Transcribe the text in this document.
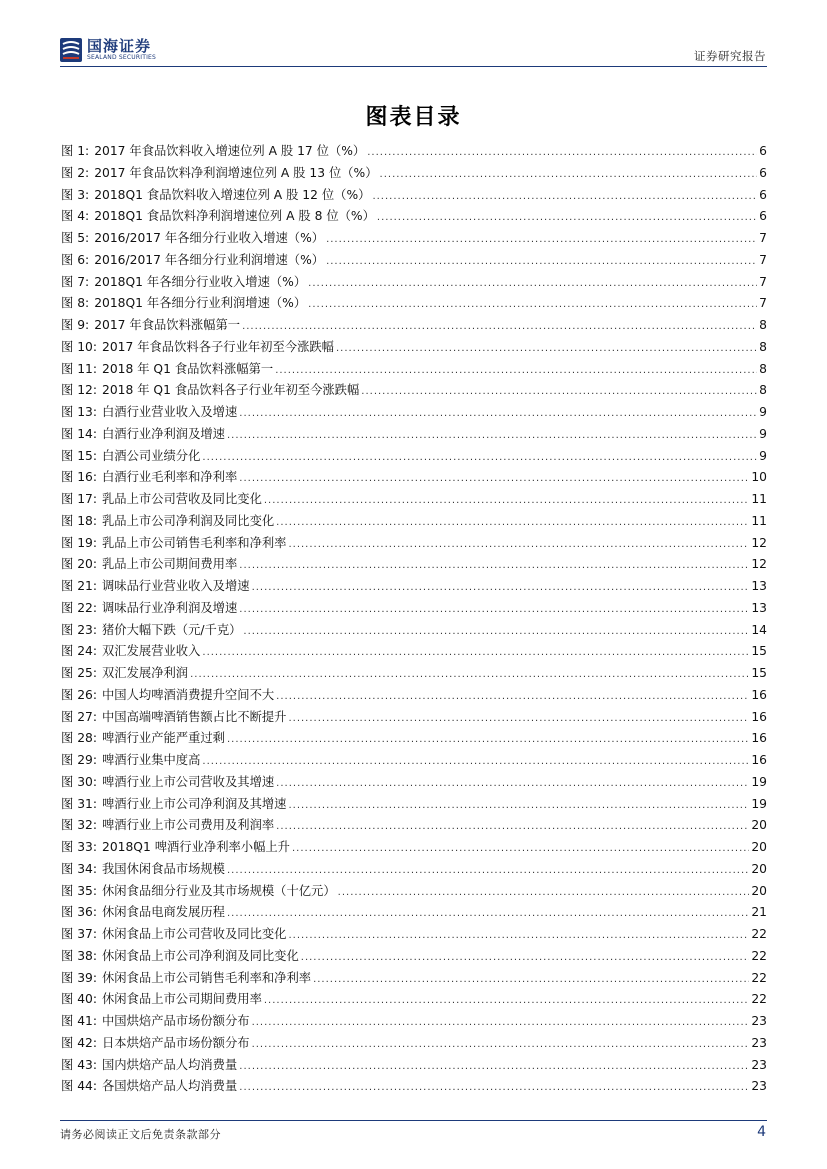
国海证券
SEALAND SECURITIES	证券研究报告
图表目录
图 1: 2017 年食品饮料收入增速位列 A 股 17 位（%） .....	6
图 2: 2017 年食品饮料净利润增速位列 A 股 13 位（%） .....	6
图 3: 2018Q1 食品饮料收入增速位列 A 股 12 位（%） .....	6
图 4: 2018Q1 食品饮料净利润增速位列 A 股 8 位（%） .....	6
图 5: 2016/2017 年各细分行业收入增速（%） .....	7
图 6: 2016/2017 年各细分行业利润增速（%） .....	7
图 7: 2018Q1 年各细分行业收入增速（%） .....	7
图 8: 2018Q1 年各细分行业利润增速（%） .....	7
图 9: 2017 年食品饮料涨幅第一 .....	8
图 10: 2017 年食品饮料各子行业年初至今涨跌幅 .....	8
图 11: 2018 年 Q1 食品饮料涨幅第一 .....	8
图 12: 2018 年 Q1 食品饮料各子行业年初至今涨跌幅 .....	8
图 13: 白酒行业营业收入及增速 .....	9
图 14: 白酒行业净利润及增速 .....	9
图 15: 白酒公司业绩分化 .....	9
图 16: 白酒行业毛利率和净利率 .....	10
图 17: 乳品上市公司营收及同比变化 .....	11
图 18: 乳品上市公司净利润及同比变化 .....	11
图 19: 乳品上市公司销售毛利率和净利率 .....	12
图 20: 乳品上市公司期间费用率 .....	12
图 21: 调味品行业营业收入及增速 .....	13
图 22: 调味品行业净利润及增速 .....	13
图 23: 猪价大幅下跌（元/千克） .....	14
图 24: 双汇发展营业收入 .....	15
图 25: 双汇发展净利润 .....	15
图 26: 中国人均啤酒消费提升空间不大 .....	16
图 27: 中国高端啤酒销售额占比不断提升 .....	16
图 28: 啤酒行业产能严重过剩 .....	16
图 29: 啤酒行业集中度高 .....	16
图 30: 啤酒行业上市公司营收及其增速 .....	19
图 31: 啤酒行业上市公司净利润及其增速 .....	19
图 32: 啤酒行业上市公司费用及利润率 .....	20
图 33: 2018Q1 啤酒行业净利率小幅上升 .....	20
图 34: 我国休闲食品市场规模 .....	20
图 35: 休闲食品细分行业及其市场规模（十亿元） .....	20
图 36: 休闲食品电商发展历程 .....	21
图 37: 休闲食品上市公司营收及同比变化 .....	22
图 38: 休闲食品上市公司净利润及同比变化 .....	22
图 39: 休闲食品上市公司销售毛利率和净利率 .....	22
图 40: 休闲食品上市公司期间费用率 .....	22
图 41: 中国烘焙产品市场份额分布 .....	23
图 42: 日本烘焙产品市场份额分布 .....	23
图 43: 国内烘焙产品人均消费量 .....	23
图 44: 各国烘焙产品人均消费量 .....	23
请务必阅读正文后免责条款部分	4
